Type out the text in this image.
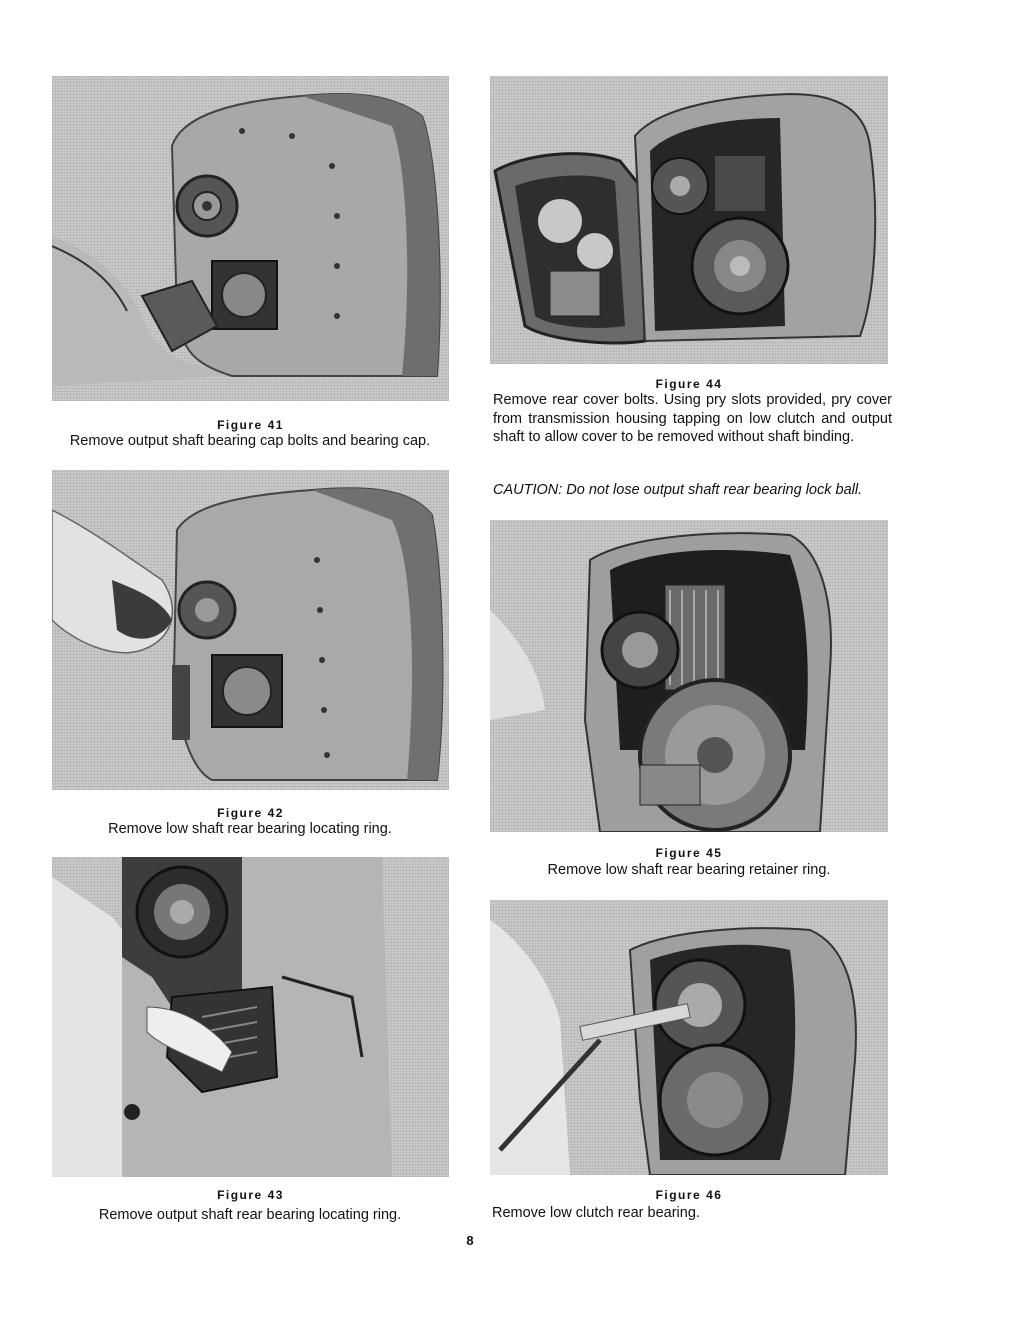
Figure 41

Remove output shaft bearing cap bolts and bearing cap.

Figure 42

Remove low shaft rear bearing locating ring.

Figure 43

Remove output shaft rear bearing locating ring.

Figure 44

Remove rear cover bolts. Using pry slots provided, pry cover from transmission housing tapping on low clutch and output shaft to allow cover to be removed without shaft binding.

CAUTION: Do not lose output shaft rear bearing lock ball.

Figure 45

Remove low shaft rear bearing retainer ring.

Figure 46

Remove low clutch rear bearing.

8
